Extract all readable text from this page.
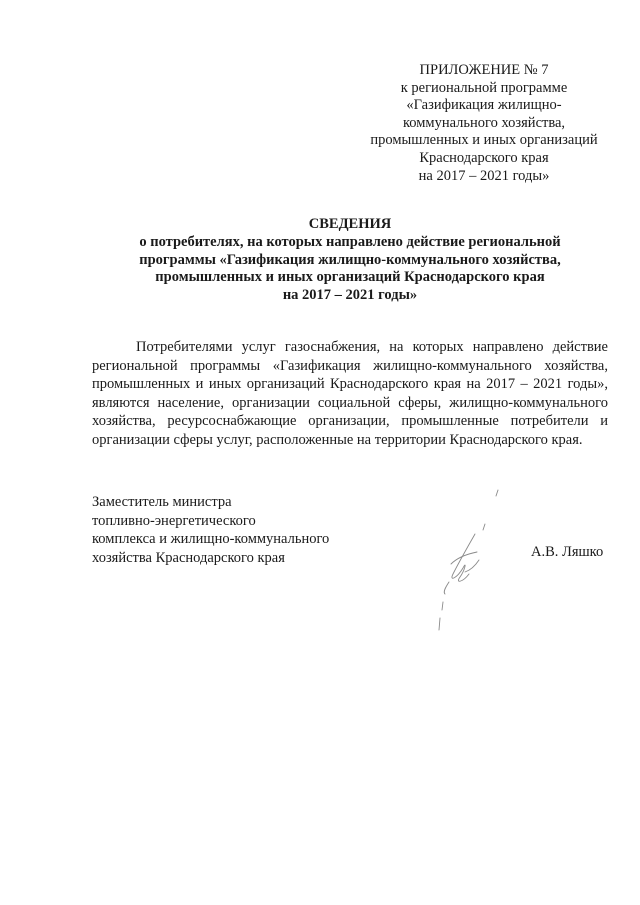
ПРИЛОЖЕНИЕ № 7
к региональной программе
«Газификация жилищно-
коммунального хозяйства,
промышленных и иных организаций
Краснодарского края
на 2017 – 2021 годы»
СВЕДЕНИЯ
о потребителях, на которых направлено действие региональной
программы «Газификация жилищно-коммунального хозяйства,
промышленных и иных организаций Краснодарского края
на 2017 – 2021 годы»

Потребителями услуг газоснабжения, на которых направлено действие региональной программы «Газификация жилищно-коммунального хозяйства, промышленных и иных организаций Краснодарского края на 2017 – 2021 годы», являются население, организации социальной сферы, жилищно-коммунального хозяйства, ресурсоснабжающие организации, промышленные потребители и организации сферы услуг, расположенные на территории Краснодарского края.

Заместитель министра
топливно-энергетического
комплекса и жилищно-коммунального
хозяйства Краснодарского края	А.В. Ляшко
